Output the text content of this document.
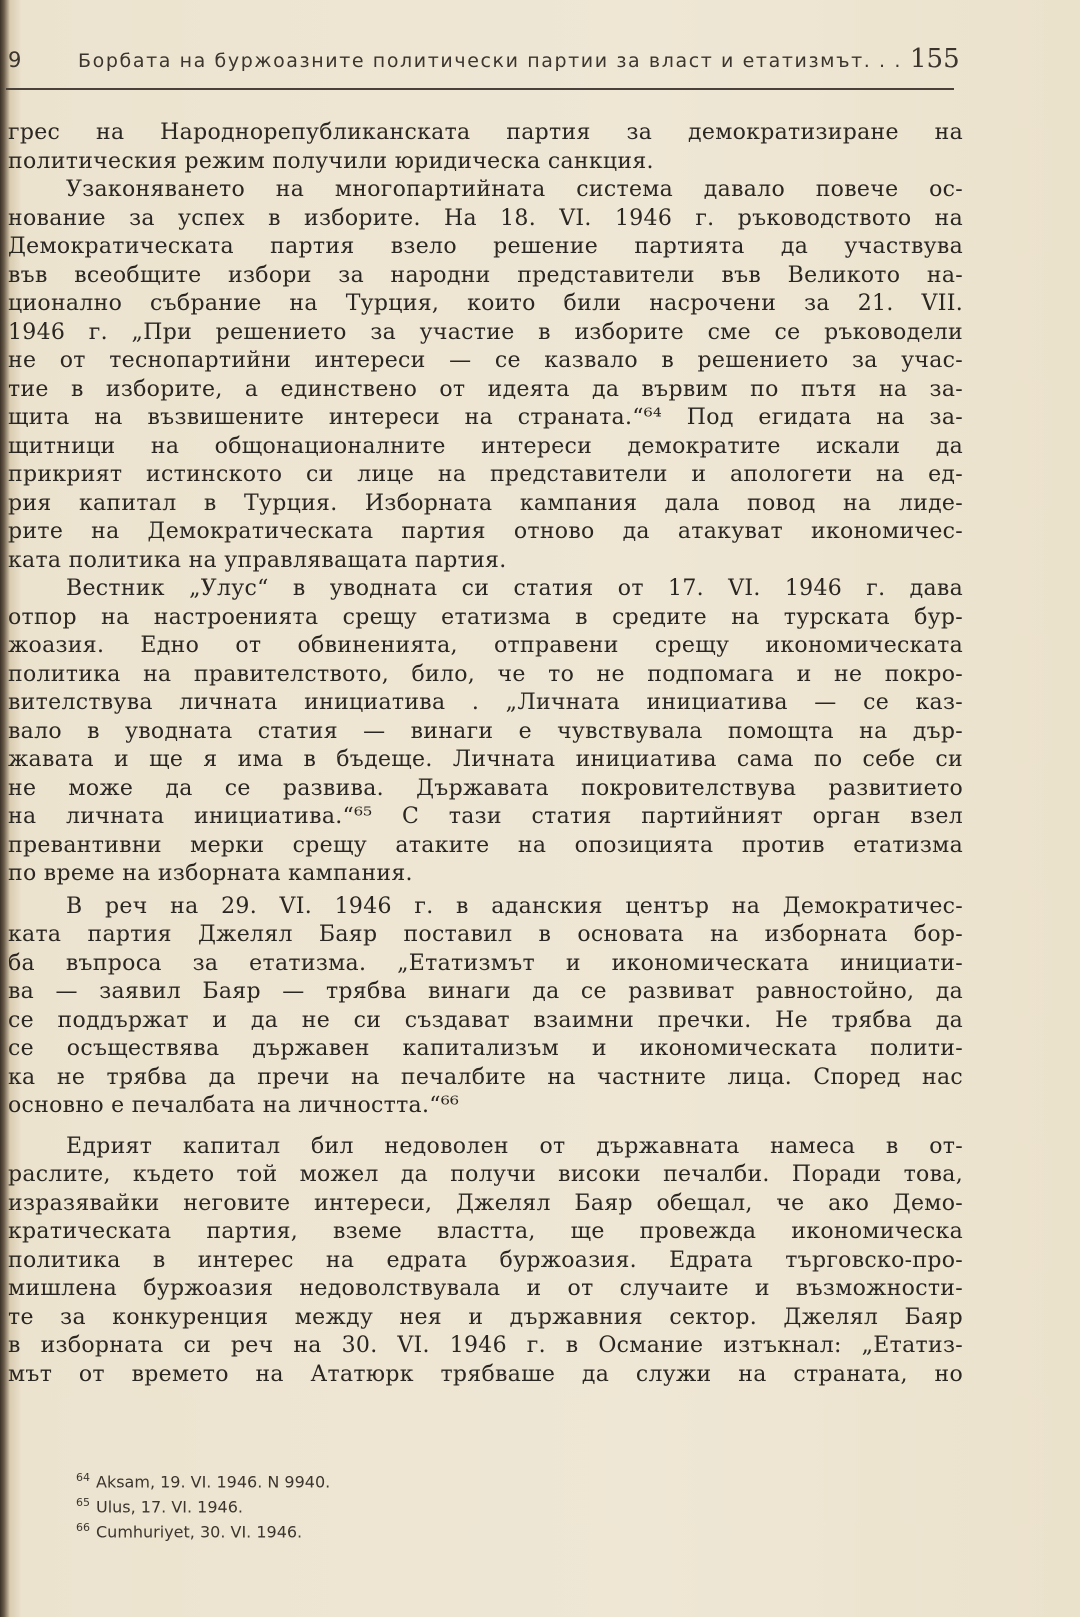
9	Борбата на буржоазните политически партии за власт и етатизмът. . . 155
грес на Народнорепубликанската партия за демократизиране на
политическия режим получили юридическа санкция.
Узаконяването на многопартийната система давало повече ос-
нование за успех в изборите. На 18. VI. 1946 г. ръководството на
Демократическата партия взело решение партията да участвува
във всеобщите избори за народни представители във Великото на-
ционално събрание на Турция, които били насрочени за 21. VII.
1946 г. „При решението за участие в изборите сме се ръководели
не от теснопартийни интереси — се казвало в решението за учас-
тие в изборите, а единствено от идеята да вървим по пътя на за-
щита на възвишените интереси на страната.“⁶⁴ Под егидата на за-
щитници на общонационалните интереси демократите искали да
прикрият истинското си лице на представители и апологети на ед-
рия капитал в Турция. Изборната кампания дала повод на лиде-
рите на Демократическата партия отново да атакуват икономичес-
ката политика на управляващата партия.
Вестник „Улус“ в уводната си статия от 17. VI. 1946 г. дава
отпор на настроенията срещу етатизма в средите на турската бур-
жоазия. Едно от обвиненията, отправени срещу икономическата
политика на правителството, било, че то не подпомага и не покро-
вителствува личната инициатива . „Личната инициатива — се каз-
вало в уводната статия — винаги е чувствувала помощта на дър-
жавата и ще я има в бъдеще. Личната инициатива сама по себе си
не може да се развива. Държавата покровителствува развитието
на личната инициатива.“⁶⁵ С тази статия партийният орган взел
превантивни мерки срещу атаките на опозицията против етатизма
по време на изборната кампания.
В реч на 29. VI. 1946 г. в аданския център на Демократичес-
ката партия Джелял Баяр поставил в основата на изборната бор-
ба въпроса за етатизма. „Етатизмът и икономическата инициати-
ва — заявил Баяр — трябва винаги да се развиват равностойно, да
се поддържат и да не си създават взаимни пречки. Не трябва да
се осъществява държавен капитализъм и икономическата полити-
ка не трябва да пречи на печалбите на частните лица. Според нас
основно е печалбата на личността.“⁶⁶
Едрият капитал бил недоволен от държавната намеса в от-
раслите, където той можел да получи високи печалби. Поради това,
изразявайки неговите интереси, Джелял Баяр обещал, че ако Демо-
кратическата партия, вземе властта, ще провежда икономическа
политика в интерес на едрата буржоазия. Едрата търговско-про-
мишлена буржоазия недоволствувала и от случаите и възможности-
те за конкуренция между нея и държавния сектор. Джелял Баяр
в изборната си реч на 30. VI. 1946 г. в Османие изтъкнал: „Етатиз-
мът от времето на Ататюрк трябваше да служи на страната, но
$^{64}$ Aksam, 19. VI. 1946. N 9940.
$^{65}$ Ulus, 17. VI. 1946.
$^{66}$ Cumhuriyet, 30. VI. 1946.
